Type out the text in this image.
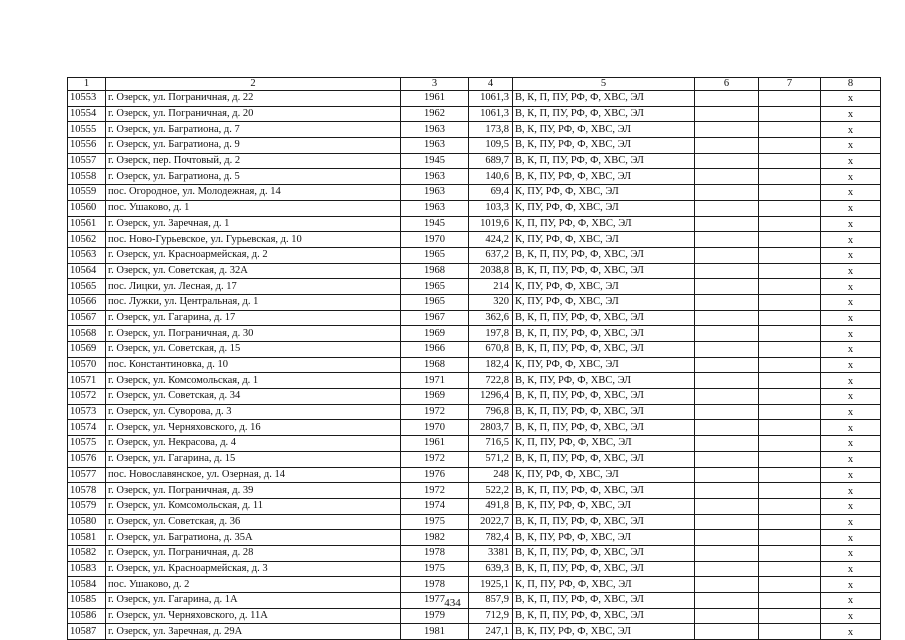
1	2	3	4	5	6	7	8
10553	г. Озерск, ул. Пограничная, д. 22	1961	1061,3	В, К, П, ПУ, РФ, Ф, ХВС, ЭЛ			х
10554	г. Озерск, ул. Пограничная, д. 20	1962	1061,3	В, К, П, ПУ, РФ, Ф, ХВС, ЭЛ			х
10555	г. Озерск, ул. Багратиона, д. 7	1963	173,8	В, К, ПУ, РФ, Ф, ХВС, ЭЛ			х
10556	г. Озерск, ул. Багратиона, д. 9	1963	109,5	В, К, ПУ, РФ, Ф, ХВС, ЭЛ			х
10557	г. Озерск, пер. Почтовый, д. 2	1945	689,7	В, К, П, ПУ, РФ, Ф, ХВС, ЭЛ			х
10558	г. Озерск, ул. Багратиона, д. 5	1963	140,6	В, К, ПУ, РФ, Ф, ХВС, ЭЛ			х
10559	пос. Огородное, ул. Молодежная, д. 14	1963	69,4	К, ПУ, РФ, Ф, ХВС, ЭЛ			х
10560	пос. Ушаково, д. 1	1963	103,3	К, ПУ, РФ, Ф, ХВС, ЭЛ			х
10561	г. Озерск, ул. Заречная, д. 1	1945	1019,6	К, П, ПУ, РФ, Ф, ХВС, ЭЛ			х
10562	пос. Ново-Гурьевское, ул. Гурьевская, д. 10	1970	424,2	К, ПУ, РФ, Ф, ХВС, ЭЛ			х
10563	г. Озерск, ул. Красноармейская, д. 2	1965	637,2	В, К, П, ПУ, РФ, Ф, ХВС, ЭЛ			х
10564	г. Озерск, ул. Советская, д. 32А	1968	2038,8	В, К, П, ПУ, РФ, Ф, ХВС, ЭЛ			х
10565	пос. Лицки, ул. Лесная, д. 17	1965	214	К, ПУ, РФ, Ф, ХВС, ЭЛ			х
10566	пос. Лужки, ул. Центральная, д. 1	1965	320	К, ПУ, РФ, Ф, ХВС, ЭЛ			х
10567	г. Озерск, ул. Гагарина, д. 17	1967	362,6	В, К, П, ПУ, РФ, Ф, ХВС, ЭЛ			х
10568	г. Озерск, ул. Пограничная, д. 30	1969	197,8	В, К, П, ПУ, РФ, Ф, ХВС, ЭЛ			х
10569	г. Озерск, ул. Советская, д. 15	1966	670,8	В, К, П, ПУ, РФ, Ф, ХВС, ЭЛ			х
10570	пос. Константиновка, д. 10	1968	182,4	К, ПУ, РФ, Ф, ХВС, ЭЛ			х
10571	г. Озерск, ул. Комсомольская, д. 1	1971	722,8	В, К, ПУ, РФ, Ф, ХВС, ЭЛ			х
10572	г. Озерск, ул. Советская, д. 34	1969	1296,4	В, К, П, ПУ, РФ, Ф, ХВС, ЭЛ			х
10573	г. Озерск, ул. Суворова, д. 3	1972	796,8	В, К, П, ПУ, РФ, Ф, ХВС, ЭЛ			х
10574	г. Озерск, ул. Черняховского, д. 16	1970	2803,7	В, К, П, ПУ, РФ, Ф, ХВС, ЭЛ			х
10575	г. Озерск, ул. Некрасова, д. 4	1961	716,5	К, П, ПУ, РФ, Ф, ХВС, ЭЛ			х
10576	г. Озерск, ул. Гагарина, д. 15	1972	571,2	В, К, П, ПУ, РФ, Ф, ХВС, ЭЛ			х
10577	пос. Новославянское, ул. Озерная, д. 14	1976	248	К, ПУ, РФ, Ф, ХВС, ЭЛ			х
10578	г. Озерск, ул. Пограничная, д. 39	1972	522,2	В, К, П, ПУ, РФ, Ф, ХВС, ЭЛ			х
10579	г. Озерск, ул. Комсомольская, д. 11	1974	491,8	В, К, ПУ, РФ, Ф, ХВС, ЭЛ			х
10580	г. Озерск, ул. Советская, д. 36	1975	2022,7	В, К, П, ПУ, РФ, Ф, ХВС, ЭЛ			х
10581	г. Озерск, ул. Багратиона, д. 35А	1982	782,4	В, К, ПУ, РФ, Ф, ХВС, ЭЛ			х
10582	г. Озерск, ул. Пограничная, д. 28	1978	3381	В, К, П, ПУ, РФ, Ф, ХВС, ЭЛ			х
10583	г. Озерск, ул. Красноармейская, д. 3	1975	639,3	В, К, П, ПУ, РФ, Ф, ХВС, ЭЛ			х
10584	пос. Ушаково, д. 2	1978	1925,1	К, П, ПУ, РФ, Ф, ХВС, ЭЛ			х
10585	г. Озерск, ул. Гагарина, д. 1А	1977	857,9	В, К, П, ПУ, РФ, Ф, ХВС, ЭЛ			х
10586	г. Озерск, ул. Черняховского, д. 11А	1979	712,9	В, К, П, ПУ, РФ, Ф, ХВС, ЭЛ			х
10587	г. Озерск, ул. Заречная, д. 29А	1981	247,1	В, К, ПУ, РФ, Ф, ХВС, ЭЛ			х
434
